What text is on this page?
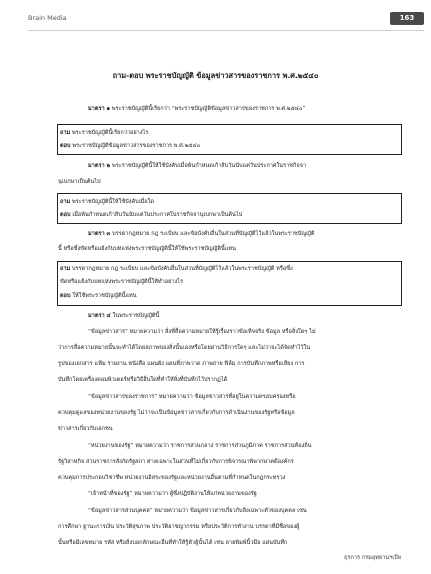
Brain Media	163
ถาม-ตอบ พระราชบัญญัติ ข้อมูลข่าวสารของราชการ พ.ศ.๒๕๔๐
มาตรา ๑ พระราชบัญญัตินี้เรียกว่า “พระราชบัญญัติข้อมูลข่าวสารของราชการ พ.ศ.๒๕๔๐”
ถาม พระราชบัญญัตินี้เรียกว่าอย่างไร
ตอบ พระราชบัญญัติข้อมูลข่าวสารของราชการ พ.ศ.๒๕๔๐
มาตรา ๒ พระราชบัญญัตินี้ให้ใช้บังคับเมื่อพ้นกำหนดเก้าสิบวันนับแต่วันประกาศในราชกิจจา
นุเบกษาเป็นต้นไป
ถาม พระราชบัญญัตินี้ให้ใช้บังคับเมื่อใด
ตอบ เมื่อพ้นกำหนดเก้าสิบวันนับแต่วันประกาศในราชกิจจานุเบกษาเป็นต้นไป
มาตรา ๓ บรรดากฎหมาย กฎ ระเบียบ และข้อบังคับอื่นในส่วนที่บัญญัติไว้แล้วในพระราชบัญญัติ
นี้ หรือซึ่งขัดหรือแย้งกับบทแห่งพระราชบัญญัตินี้ให้ใช้พระราชบัญญัตินี้แทน
ถาม บรรดากฎหมาย กฎ ระเบียบ และข้อบังคับอื่นในส่วนที่บัญญัติไว้แล้วในพระราชบัญญัติ หรือซึ่ง
ขัดหรือแย้งกับบทแห่งพระราชบัญญัตินี้ให้ทำอย่างไร
ตอบ ให้ใช้พระราชบัญญัตินี้แทน
มาตรา ๔ ในพระราชบัญญัตินี้
“ข้อมูลข่าวสาร” หมายความว่า สิ่งที่สื่อความหมายให้รู้เรื่องราวข้อเท็จจริง ข้อมูล หรือสิ่งใดๆ ไม่
ว่าการสื่อความหมายนั้นจะทำได้โดยสภาพของสิ่งนั้นเองหรือโดยผ่านวิธีการใดๆ และไม่ว่าจะได้จัดทำไว้ใน
รูปของเอกสาร แฟ้ม รายงาน หนังสือ แผนผัง แผนที่ภาพวาด ภาพถ่าย ฟิล์ม การบันทึกภาพหรือเสียง การ
บันทึกโดยเครื่องคอมพิวเตอร์หรือวิธีอื่นใดที่ทำให้สิ่งที่บันทึกไว้ปรากฏได้
“ข้อมูลข่าวสารของราชการ” หมายความว่า ข้อมูลข่าวสารที่อยู่ในความครอบครองหรือ
ควบคุมดูแลของหน่วยงานของรัฐ ไม่ว่าจะเป็นข้อมูลข่าวสารเกี่ยวกับการดำเนินงานของรัฐหรือข้อมูล
ข่าวสารเกี่ยวกับเอกชน
“หน่วยงานของรัฐ” หมายความว่า ราชการส่วนกลาง ราชการส่วนภูมิภาค ราชการส่วนท้องถิ่น
รัฐวิสาหกิจ ส่วนราชการสังกัดรัฐสภา ศาลเฉพาะในส่วนที่ไม่เกี่ยวกับการพิจารณาพิพากษาคดีองค์กร
ควบคุมการประกอบวิชาชีพ หน่วยงานอิสระของรัฐและหน่วยงานอื่นตามที่กำหนดในกฎกระทรวง
“เจ้าหน้าที่ของรัฐ” หมายความว่า ผู้ซึ่งปฏิบัติงานให้แก่หน่วยงานของรัฐ
“ข้อมูลข่าวสารส่วนบุคคล” หมายความว่า ข้อมูลข่าวสารเกี่ยวกับสิ่งเฉพาะตัวของบุคคล เช่น
การศึกษา ฐานะการเงิน ประวัติสุขภาพ ประวัติอาชญากรรม หรือประวัติการทำงาน บรรดาที่มีชื่อของผู้
นั้นหรือมีเลขหมาย รหัส หรือสิ่งบอกลักษณะอื่นที่ทำให้รู้ตัวผู้นั้นได้ เช่น ลายพิมพ์นิ้วมือ แผ่นบันทึก
ธุรการ กรมอุทยานฯเป็ย
